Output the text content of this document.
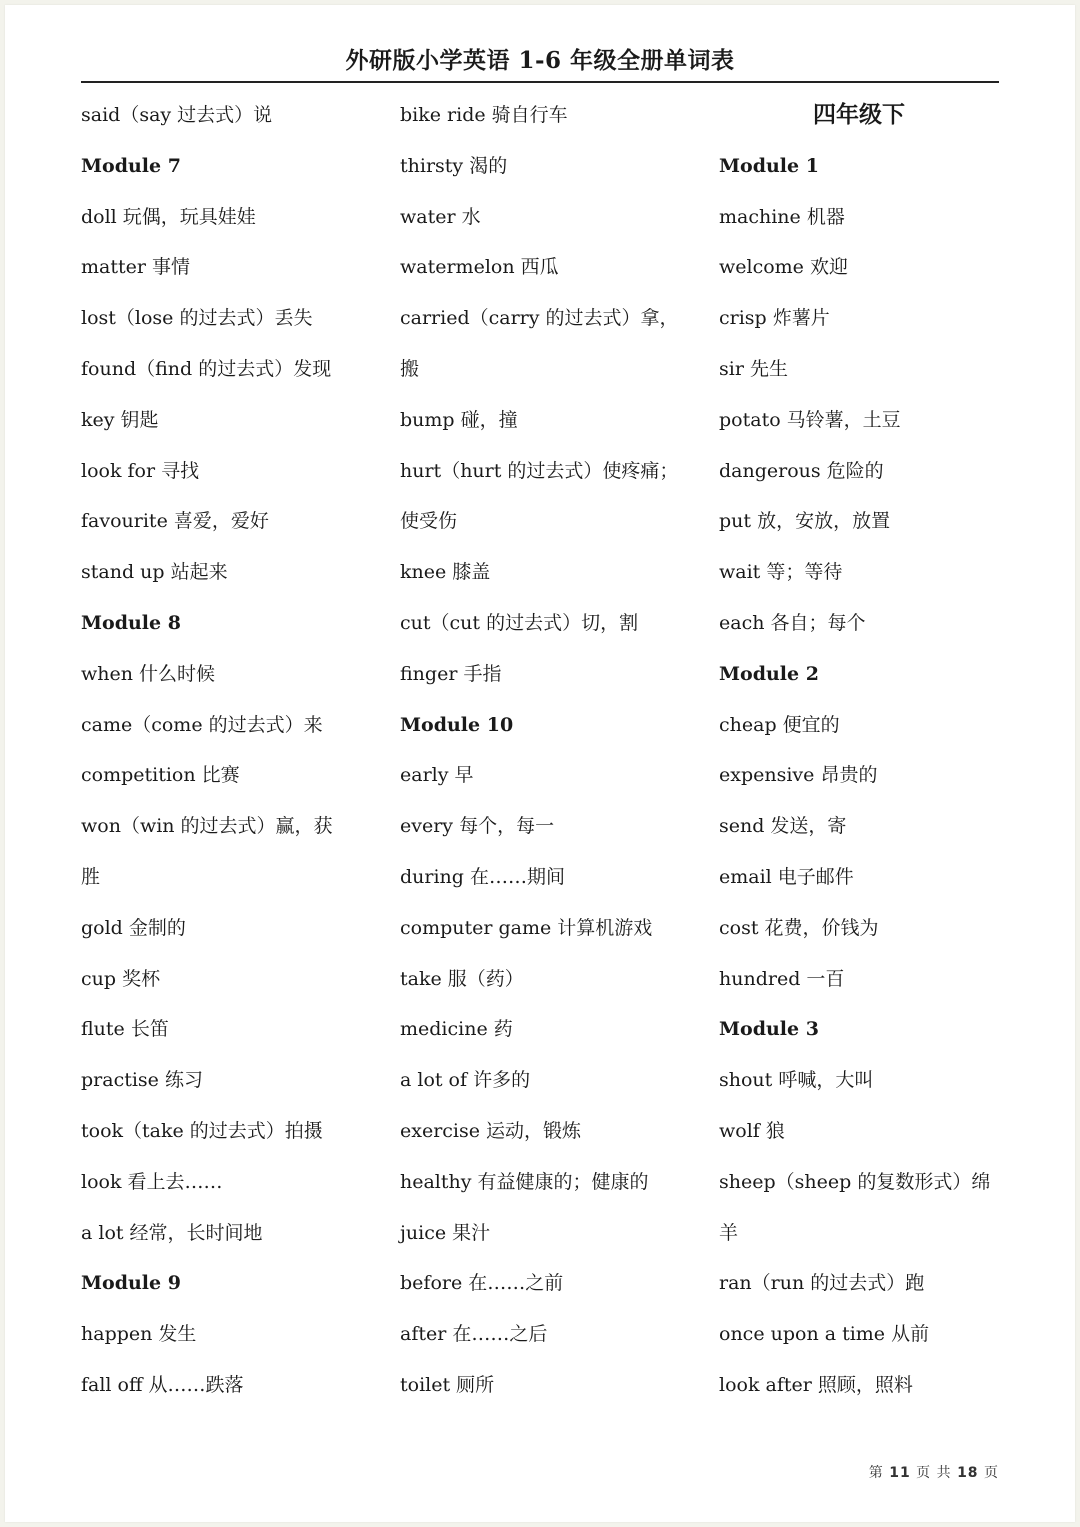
外研版小学英语 1-6 年级全册单词表
said（say 过去式）说
Module 7
doll 玩偶，玩具娃娃
matter 事情
lost（lose 的过去式）丢失
found（find 的过去式）发现
key 钥匙
look for 寻找
favourite 喜爱，爱好
stand up 站起来
Module 8
when 什么时候
came（come 的过去式）来
competition 比赛
won（win 的过去式）赢，获
胜
gold 金制的
cup 奖杯
flute 长笛
practise 练习
took（take 的过去式）拍摄
look 看上去……
a lot 经常，长时间地
Module 9
happen 发生
fall off 从……跌落
bike ride 骑自行车
thirsty 渴的
water 水
watermelon 西瓜
carried（carry 的过去式）拿，
搬
bump 碰，撞
hurt（hurt 的过去式）使疼痛；
使受伤
knee 膝盖
cut（cut 的过去式）切，割
finger 手指
Module 10
early 早
every 每个，每一
during 在……期间
computer game 计算机游戏
take 服（药）
medicine 药
a lot of 许多的
exercise 运动，锻炼
healthy 有益健康的；健康的
juice 果汁
before 在……之前
after 在……之后
toilet 厕所
四年级下
Module 1
machine 机器
welcome 欢迎
crisp 炸薯片
sir 先生
potato 马铃薯，土豆
dangerous 危险的
put 放，安放，放置
wait 等；等待
each 各自；每个
Module 2
cheap 便宜的
expensive 昂贵的
send 发送，寄
email 电子邮件
cost 花费，价钱为
hundred 一百
Module 3
shout 呼喊，大叫
wolf 狼
sheep（sheep 的复数形式）绵
羊
ran（run 的过去式）跑
once upon a time 从前
look after 照顾，照料
第 11 页 共 18 页
